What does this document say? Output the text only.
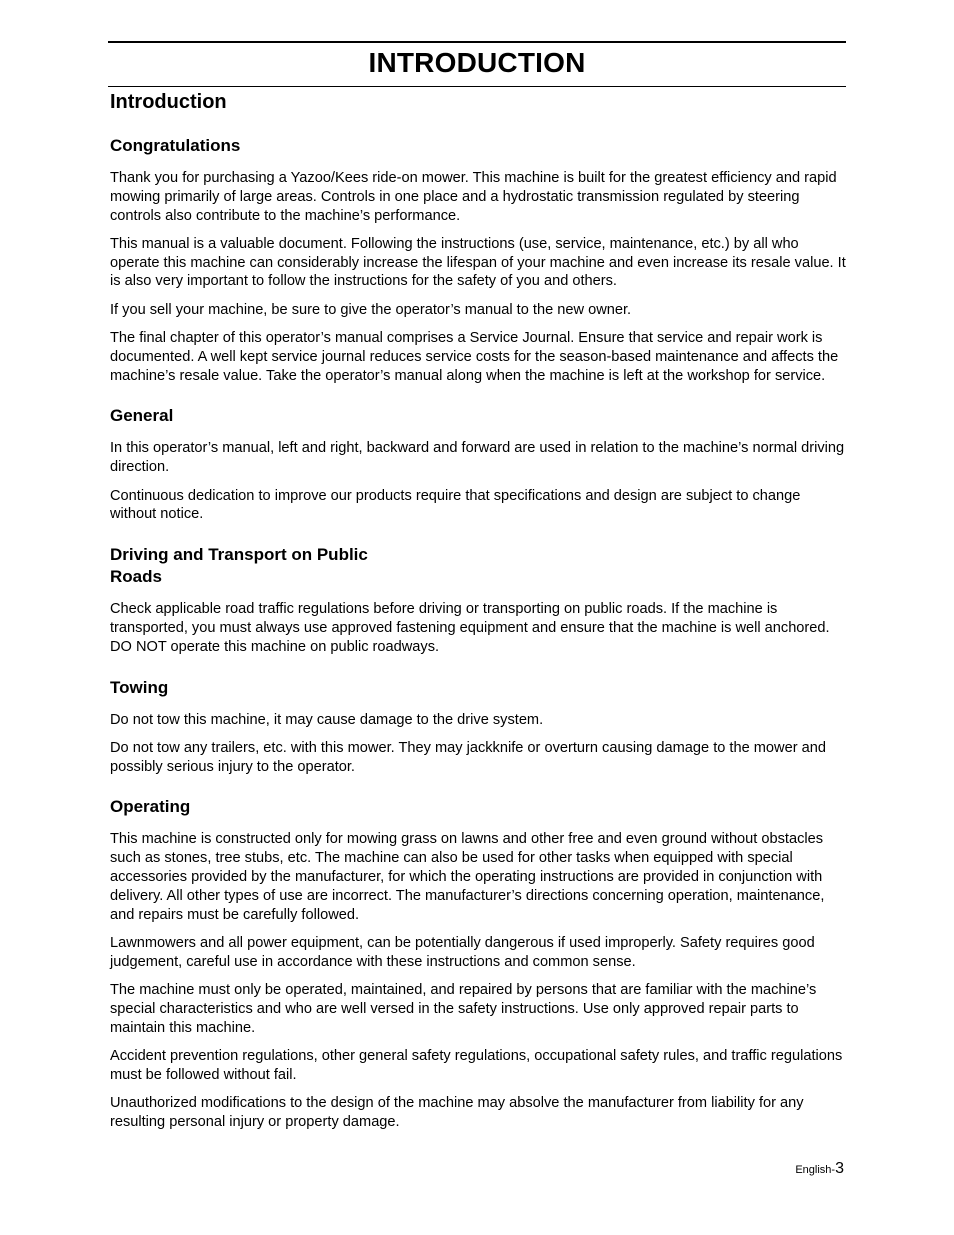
INTRODUCTION
Introduction
Congratulations

Thank you for purchasing a Yazoo/Kees ride-on mower. This machine is built for the greatest efficiency and rapid mowing primarily of large areas. Controls in one place and a hydrostatic transmission regulated by steering controls also contribute to the machine’s performance.

This manual is a valuable document. Following the instructions (use, service, maintenance, etc.) by all who operate this machine can considerably increase the lifespan of your machine and even increase its resale value. It is also very important to follow the instructions for the safety of you and others.

If you sell your machine, be sure to give the operator’s manual to the new owner.

The final chapter of this operator’s manual comprises a Service Journal. Ensure that service and repair work is documented. A well kept service journal reduces service costs for the season-based maintenance and affects the machine’s resale value. Take the operator’s manual along when the machine is left at the workshop for service.

General

In this operator’s manual, left and right, backward and forward are used in relation to the machine’s normal driving direction.

Continuous dedication to improve our products require that specifications and design are subject to change without notice.

Driving and Transport on Public Roads

Check applicable road traffic regulations before driving or transporting on public roads. If the machine is transported, you must always use approved fastening equipment and ensure that the machine is well anchored. DO NOT operate this machine on public roadways.

Towing

Do not tow this machine, it may cause damage to the drive system.

Do not tow any trailers, etc. with this mower. They may jackknife or overturn causing damage to the mower and possibly serious injury to the operator.

Operating

This machine is constructed only for mowing grass on lawns and other free and even ground without obstacles such as stones, tree stubs, etc. The machine can also be used for other tasks when equipped with special accessories provided by the manufacturer, for which the operating instructions are provided in conjunction with delivery. All other types of use are incorrect. The manufacturer’s directions concerning operation, maintenance, and repairs must be carefully followed.

Lawnmowers and all power equipment, can be potentially dangerous if used improperly. Safety requires good judgement, careful use in accordance with these instructions and common sense.

The machine must only be operated, maintained, and repaired by persons that are familiar with the machine’s special characteristics and who are well versed in the safety instructions. Use only approved repair parts to maintain this machine.

Accident prevention regulations, other general safety regulations, occupational safety rules, and traffic regulations must be followed without fail.

Unauthorized modifications to the design of the machine may absolve the manufacturer from liability for any resulting personal injury or property damage.

English-3
